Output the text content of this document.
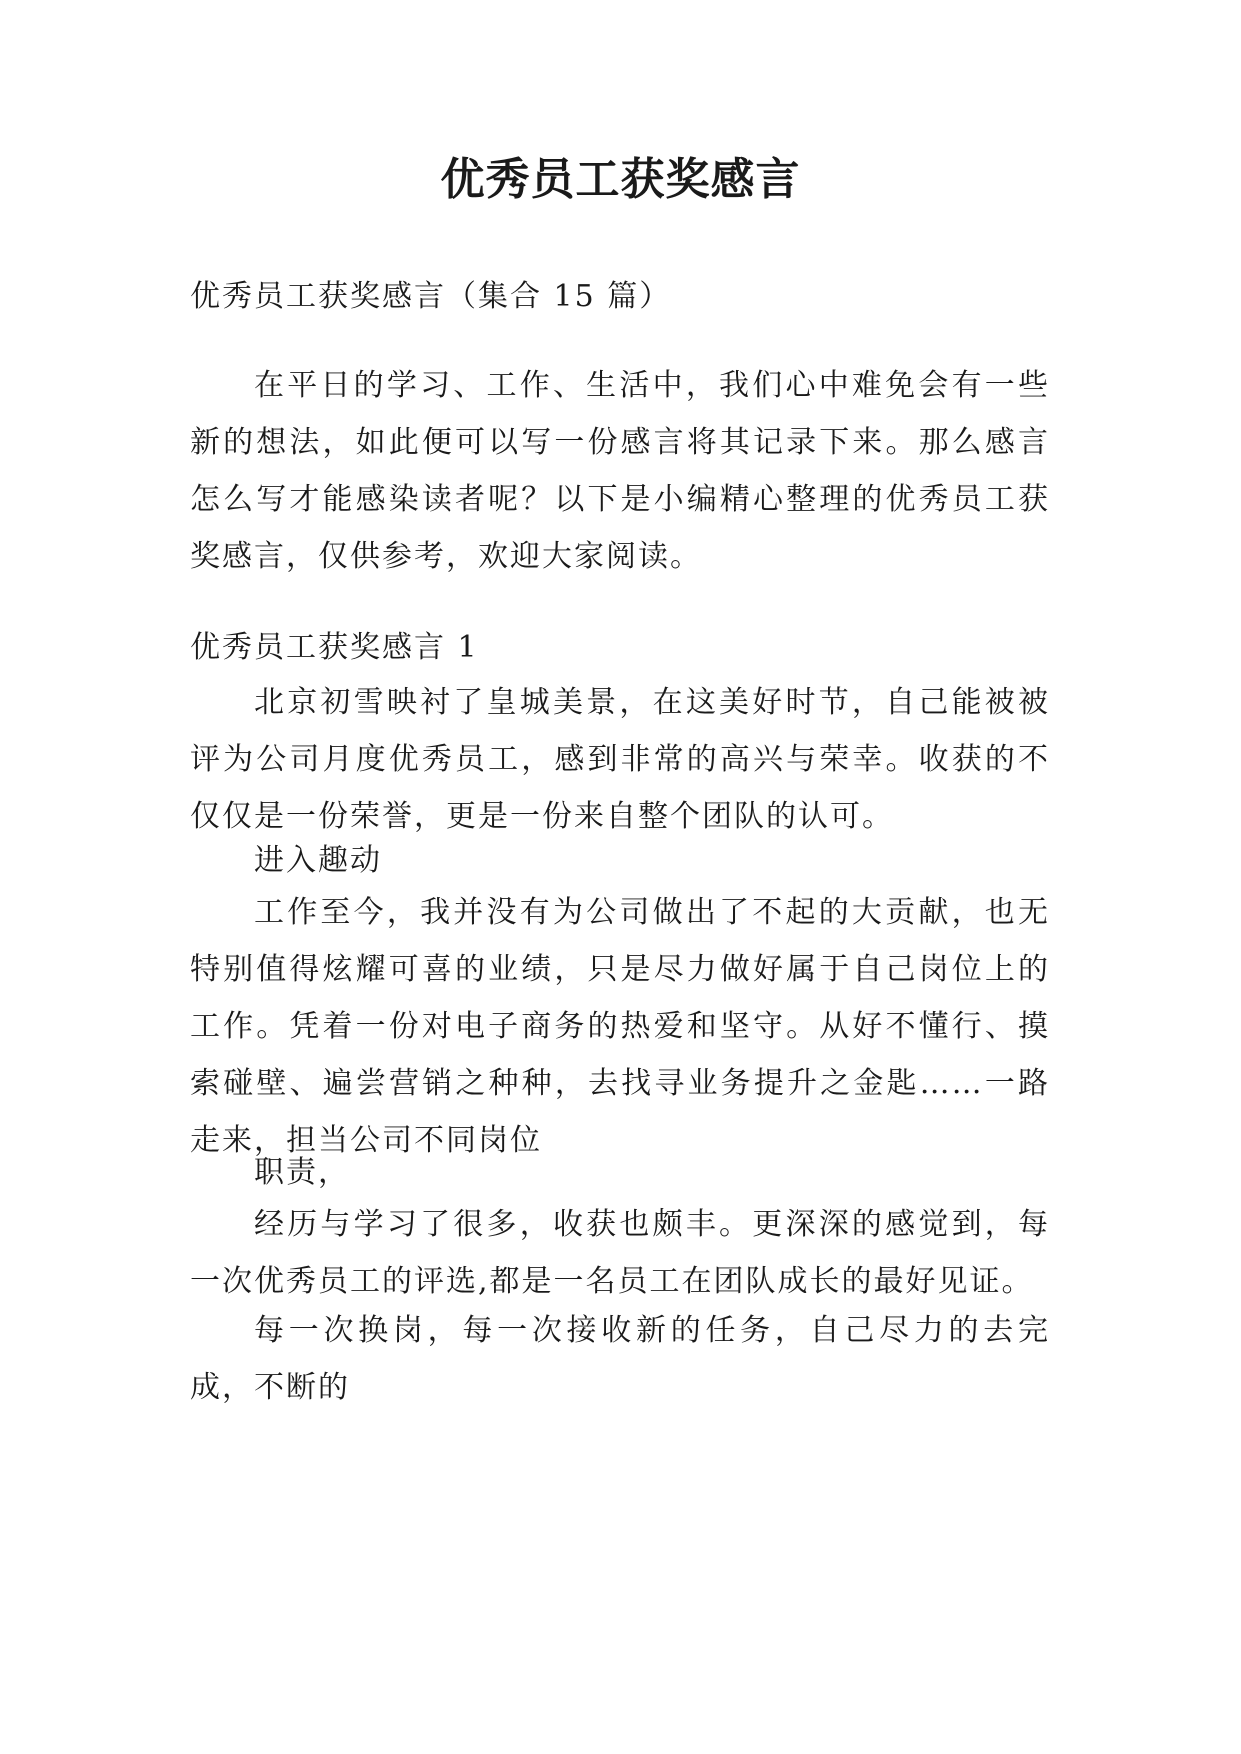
优秀员工获奖感言
优秀员工获奖感言（集合 15 篇）
在平日的学习、工作、生活中，我们心中难免会有一些新的想法，如此便可以写一份感言将其记录下来。那么感言怎么写才能感染读者呢？以下是小编精心整理的优秀员工获奖感言，仅供参考，欢迎大家阅读。
优秀员工获奖感言 1
北京初雪映衬了皇城美景，在这美好时节，自己能被被评为公司月度优秀员工，感到非常的高兴与荣幸。收获的不仅仅是一份荣誉，更是一份来自整个团队的认可。
进入趣动
工作至今，我并没有为公司做出了不起的大贡献，也无特别值得炫耀可喜的业绩，只是尽力做好属于自己岗位上的工作。凭着一份对电子商务的热爱和坚守。从好不懂行、摸索碰壁、遍尝营销之种种，去找寻业务提升之金匙……一路走来，担当公司不同岗位
职责，
经历与学习了很多，收获也颇丰。更深深的感觉到，每一次优秀员工的评选,都是一名员工在团队成长的最好见证。
每一次换岗，每一次接收新的任务，自己尽力的去完成，不断的
